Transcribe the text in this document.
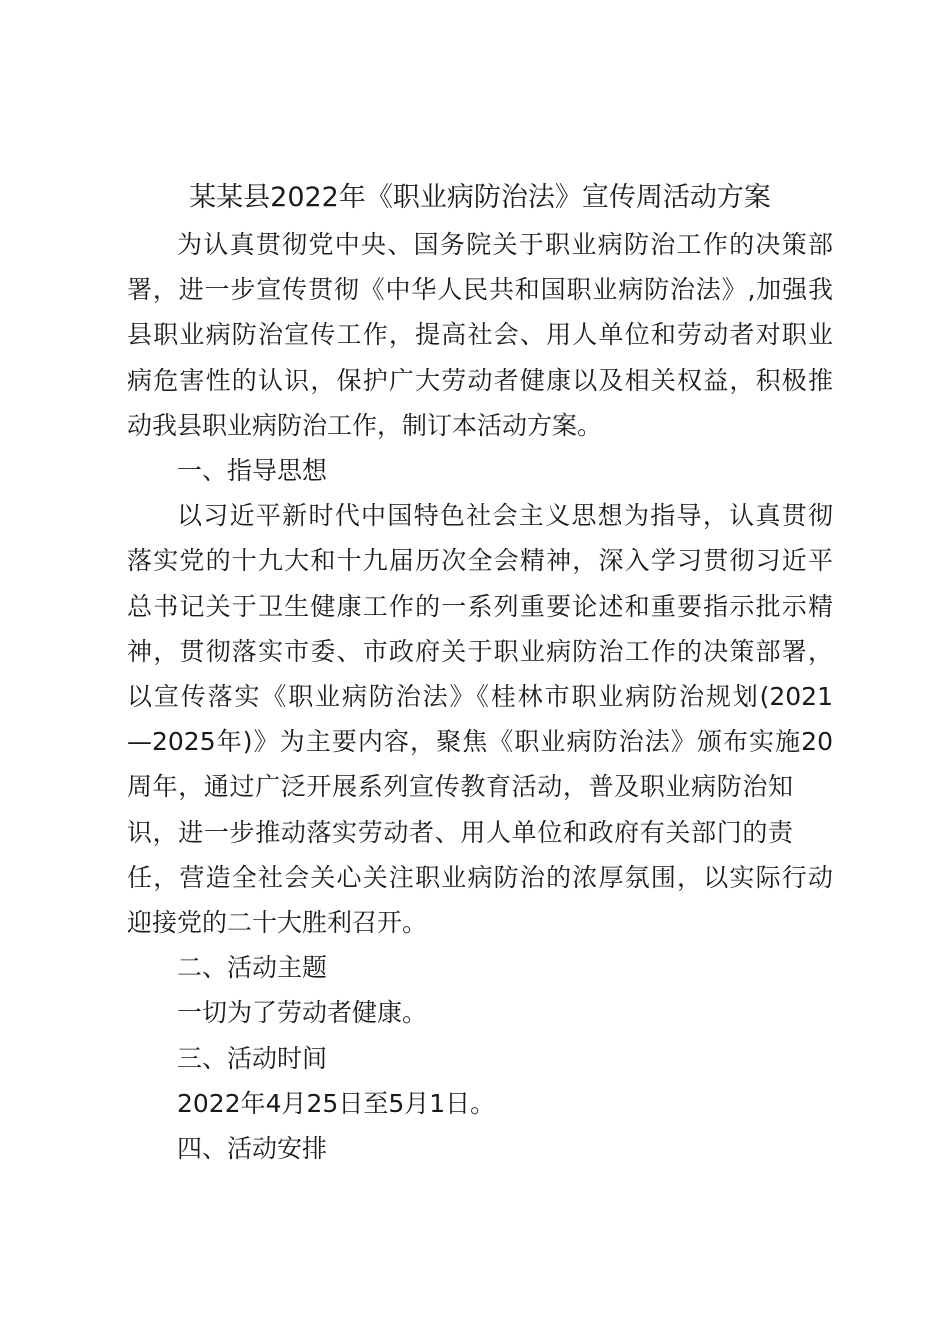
某某县2022年《职业病防治法》宣传周活动方案

为认真贯彻党中央、国务院关于职业病防治工作的决策部
署，进一步宣传贯彻《中华人民共和国职业病防治法》,加强我
县职业病防治宣传工作，提高社会、用人单位和劳动者对职业
病危害性的认识，保护广大劳动者健康以及相关权益，积极推
动我县职业病防治工作，制订本活动方案。

一、指导思想

以习近平新时代中国特色社会主义思想为指导，认真贯彻
落实党的十九大和十九届历次全会精神，深入学习贯彻习近平
总书记关于卫生健康工作的一系列重要论述和重要指示批示精
神，贯彻落实市委、市政府关于职业病防治工作的决策部署，
以宣传落实《职业病防治法》《桂林市职业病防治规划(2021
—2025年)》为主要内容，聚焦《职业病防治法》颁布实施20
周年，通过广泛开展系列宣传教育活动，普及职业病防治知
识，进一步推动落实劳动者、用人单位和政府有关部门的责
任，营造全社会关心关注职业病防治的浓厚氛围，以实际行动
迎接党的二十大胜利召开。

二、活动主题

一切为了劳动者健康。

三、活动时间

2022年4月25日至5月1日。

四、活动安排
